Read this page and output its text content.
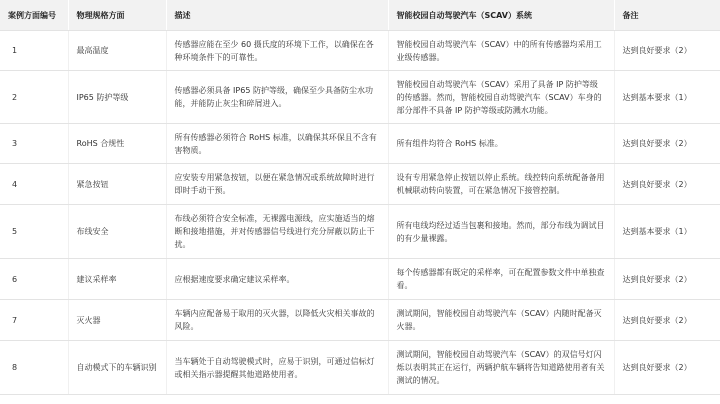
案例方面编号	物理规格方面	描述	智能校园自动驾驶汽车（SCAV）系统	备注
1	最高温度	传感器应能在至少 60 摄氏度的环境下工作，以确保在各种环境条件下的可靠性。	智能校园自动驾驶汽车（SCAV）中的所有传感器均采用工业级传感器。	达到良好要求（2）
2	IP65 防护等级	传感器必须具备 IP65 防护等级，确保至少具备防尘水功能，并能防止灰尘和碎屑进入。	智能校园自动驾驶汽车（SCAV）采用了具备 IP 防护等级的传感器。然而，智能校园自动驾驶汽车（SCAV）车身的部分部件不具备 IP 防护等级或防溅水功能。	达到基本要求（1）
3	RoHS 合规性	所有传感器必须符合 RoHS 标准，以确保其环保且不含有害物质。	所有组件均符合 RoHS 标准。	达到良好要求（2）
4	紧急按钮	应安装专用紧急按钮，以便在紧急情况或系统故障时进行即时手动干预。	设有专用紧急停止按钮以停止系统。线控转向系统配备备用机械联动转向装置，可在紧急情况下接管控制。	达到良好要求（2）
5	布线安全	布线必须符合安全标准，无裸露电源线，应实施适当的熔断和接地措施，并对传感器信号线进行充分屏蔽以防止干扰。	所有电线均经过适当包裹和接地。然而，部分布线为调试目的有少量裸露。	达到基本要求（1）
6	建议采样率	应根据速度要求确定建议采样率。	每个传感器都有既定的采样率，可在配置参数文件中单独查看。	达到良好要求（2）
7	灭火器	车辆内应配备易于取用的灭火器，以降低火灾相关事故的风险。	测试期间，智能校园自动驾驶汽车（SCAV）内随时配备灭火器。	达到良好要求（2）
8	自动模式下的车辆识别	当车辆处于自动驾驶模式时，应易于识别，可通过信标灯或相关指示器提醒其他道路使用者。	测试期间，智能校园自动驾驶汽车（SCAV）的双信号灯闪烁以表明其正在运行，两辆护航车辆将告知道路使用者有关测试的情况。	达到良好要求（2）
